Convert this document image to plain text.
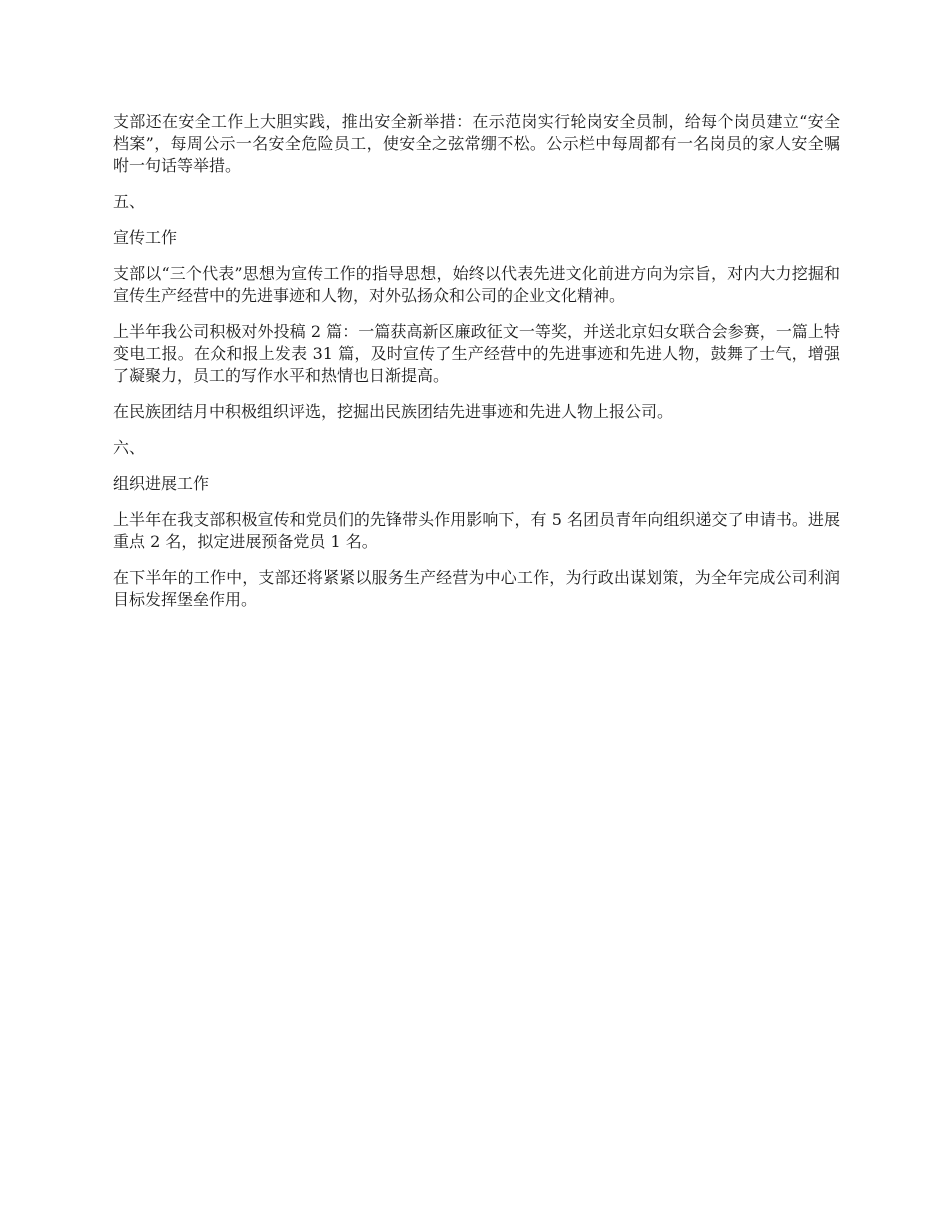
支部还在安全工作上大胆实践，推出安全新举措：在示范岗实行轮岗安全员制，给每个岗员建立“安全档案”，每周公示一名安全危险员工，使安全之弦常绷不松。公示栏中每周都有一名岗员的家人安全嘱咐一句话等举措。

五、

宣传工作

支部以“三个代表”思想为宣传工作的指导思想，始终以代表先进文化前进方向为宗旨，对内大力挖掘和宣传生产经营中的先进事迹和人物，对外弘扬众和公司的企业文化精神。

上半年我公司积极对外投稿 2 篇：一篇获高新区廉政征文一等奖，并送北京妇女联合会参赛，一篇上特变电工报。在众和报上发表 31 篇，及时宣传了生产经营中的先进事迹和先进人物，鼓舞了士气，增强了凝聚力，员工的写作水平和热情也日渐提高。

在民族团结月中积极组织评选，挖掘出民族团结先进事迹和先进人物上报公司。

六、

组织进展工作

上半年在我支部积极宣传和党员们的先锋带头作用影响下，有 5 名团员青年向组织递交了申请书。进展重点 2 名，拟定进展预备党员 1 名。

在下半年的工作中，支部还将紧紧以服务生产经营为中心工作，为行政出谋划策，为全年完成公司利润目标发挥堡垒作用。
